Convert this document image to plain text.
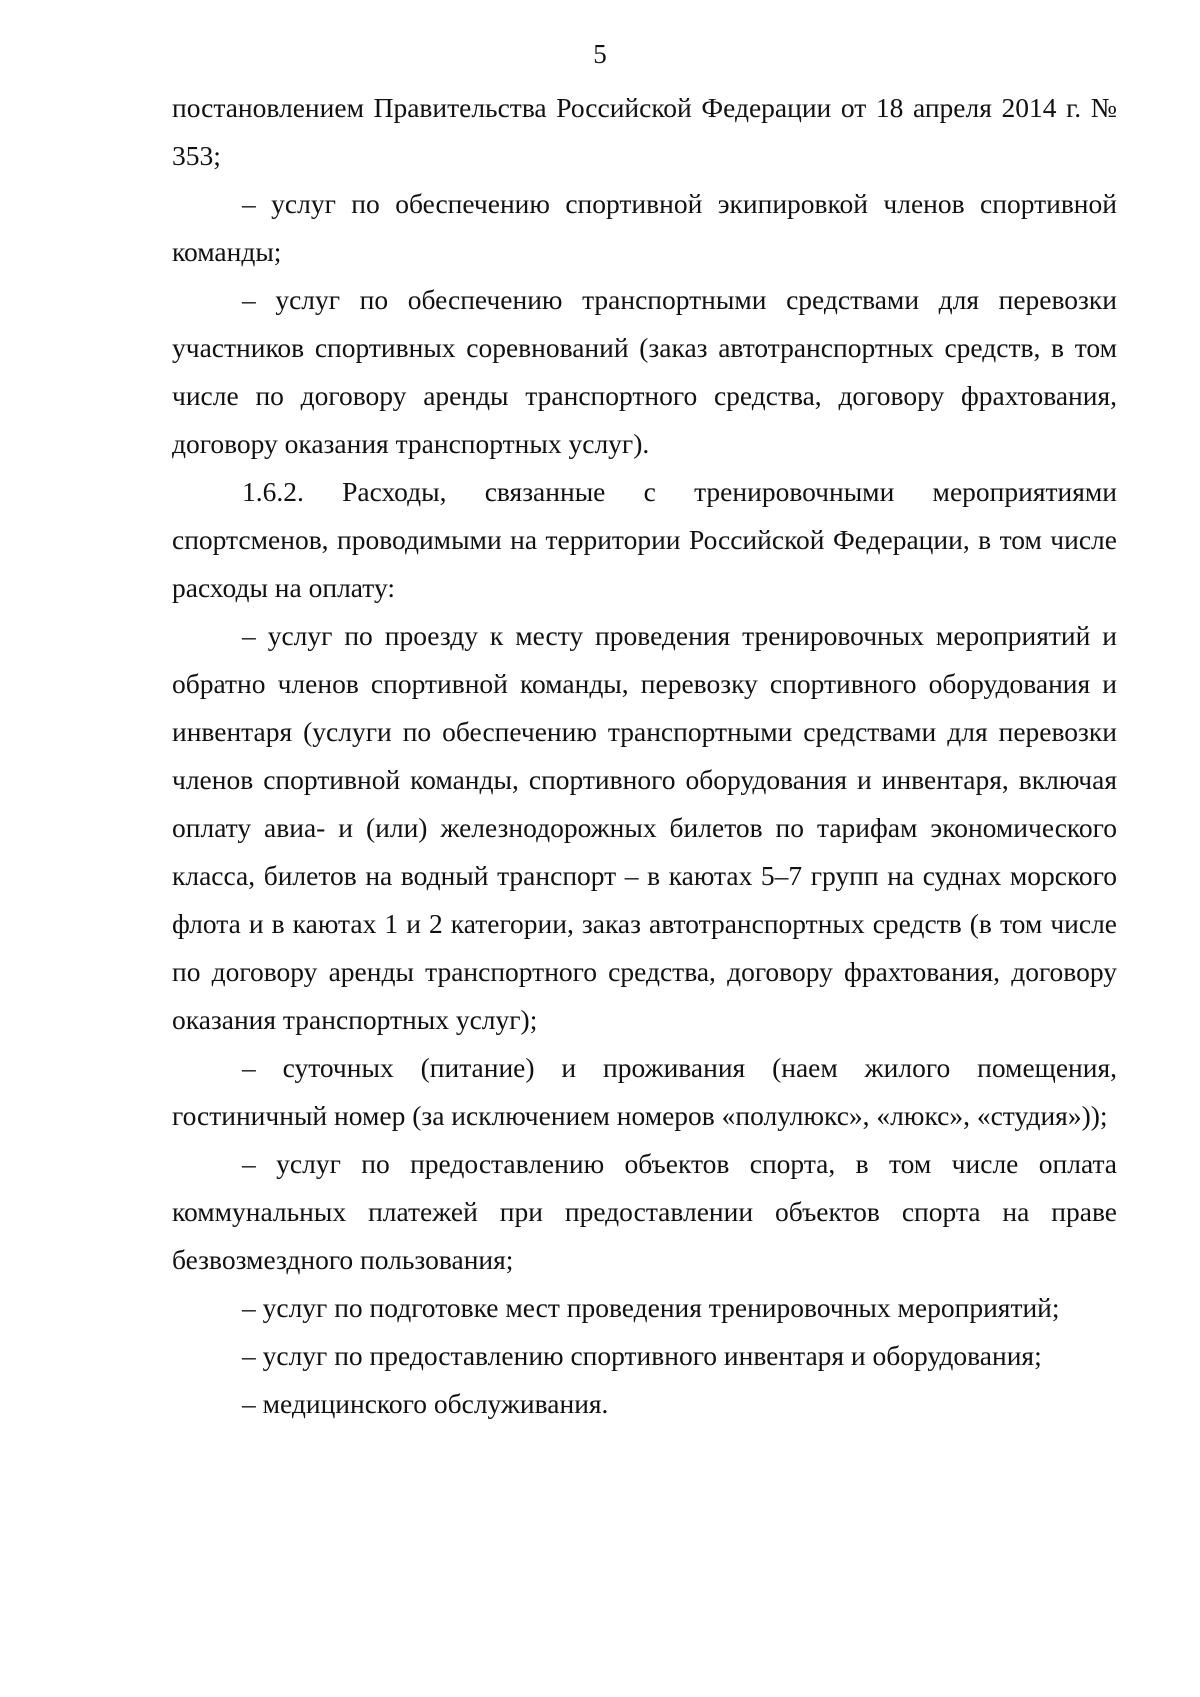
5

постановлением Правительства Российской Федерации от 18 апреля 2014 г. № 353;

– услуг по обеспечению спортивной экипировкой членов спортивной команды;

– услуг по обеспечению транспортными средствами для перевозки участников спортивных соревнований (заказ автотранспортных средств, в том числе по договору аренды транспортного средства, договору фрахтования, договору оказания транспортных услуг).

1.6.2. Расходы, связанные с тренировочными мероприятиями спортсменов, проводимыми на территории Российской Федерации, в том числе расходы на оплату:

– услуг по проезду к месту проведения тренировочных мероприятий и обратно членов спортивной команды, перевозку спортивного оборудования и инвентаря (услуги по обеспечению транспортными средствами для перевозки членов спортивной команды, спортивного оборудования и инвентаря, включая оплату авиа- и (или) железнодорожных билетов по тарифам экономического класса, билетов на водный транспорт – в каютах 5–7 групп на суднах морского флота и в каютах 1 и 2 категории, заказ автотранспортных средств (в том числе по договору аренды транспортного средства, договору фрахтования, договору оказания транспортных услуг);

– суточных (питание) и проживания (наем жилого помещения, гостиничный номер (за исключением номеров «полулюкс», «люкс», «студия»));

– услуг по предоставлению объектов спорта, в том числе оплата коммунальных платежей при предоставлении объектов спорта на праве безвозмездного пользования;

– услуг по подготовке мест проведения тренировочных мероприятий;

– услуг по предоставлению спортивного инвентаря и оборудования;

– медицинского обслуживания.
